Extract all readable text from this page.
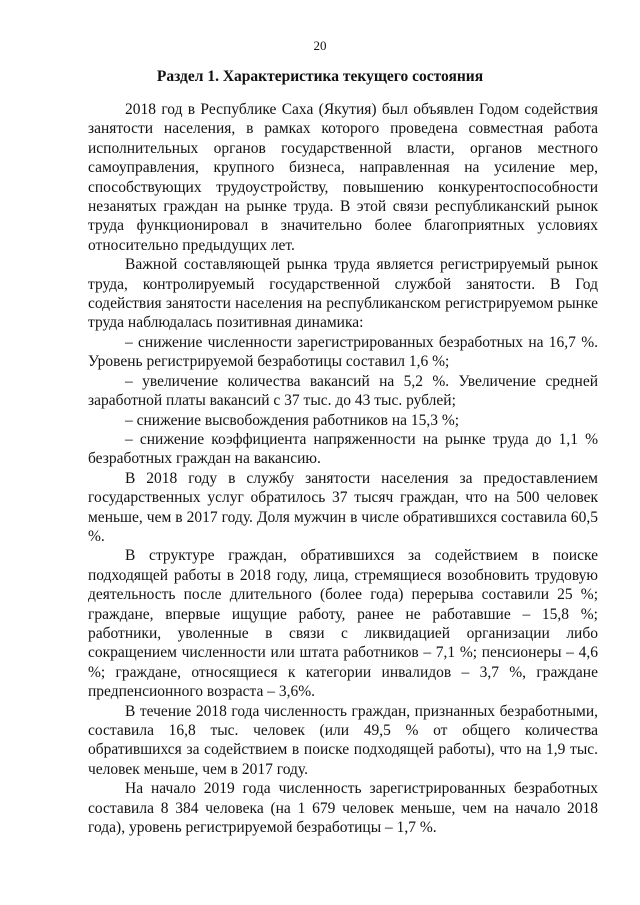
20
Раздел 1. Характеристика текущего состояния

2018 год в Республике Саха (Якутия) был объявлен Годом содействия занятости населения, в рамках которого проведена совместная работа исполнительных органов государственной власти, органов местного самоуправления, крупного бизнеса, направленная на усиление мер, способствующих трудоустройству, повышению конкурентоспособности незанятых граждан на рынке труда. В этой связи республиканский рынок труда функционировал в значительно более благоприятных условиях относительно предыдущих лет.

Важной составляющей рынка труда является регистрируемый рынок труда, контролируемый государственной службой занятости. В Год содействия занятости населения на республиканском регистрируемом рынке труда наблюдалась позитивная динамика:

– снижение численности зарегистрированных безработных на 16,7 %. Уровень регистрируемой безработицы составил 1,6 %;

– увеличение количества вакансий на 5,2 %. Увеличение средней заработной платы вакансий с 37 тыс. до 43 тыс. рублей;

– снижение высвобождения работников на 15,3 %;

– снижение коэффициента напряженности на рынке труда до 1,1 % безработных граждан на вакансию.

В 2018 году в службу занятости населения за предоставлением государственных услуг обратилось 37 тысяч граждан, что на 500 человек меньше, чем в 2017 году. Доля мужчин в числе обратившихся составила 60,5 %.

В структуре граждан, обратившихся за содействием в поиске подходящей работы в 2018 году, лица, стремящиеся возобновить трудовую деятельность после длительного (более года) перерыва составили 25 %; граждане, впервые ищущие работу, ранее не работавшие – 15,8 %; работники, уволенные в связи с ликвидацией организации либо сокращением численности или штата работников – 7,1 %; пенсионеры – 4,6 %; граждане, относящиеся к категории инвалидов – 3,7 %, граждане предпенсионного возраста – 3,6%.

В течение 2018 года численность граждан, признанных безработными, составила 16,8 тыс. человек (или 49,5 % от общего количества обратившихся за содействием в поиске подходящей работы), что на 1,9 тыс. человек меньше, чем в 2017 году.

На начало 2019 года численность зарегистрированных безработных составила 8 384 человека (на 1 679 человек меньше, чем на начало 2018 года), уровень регистрируемой безработицы – 1,7 %.
